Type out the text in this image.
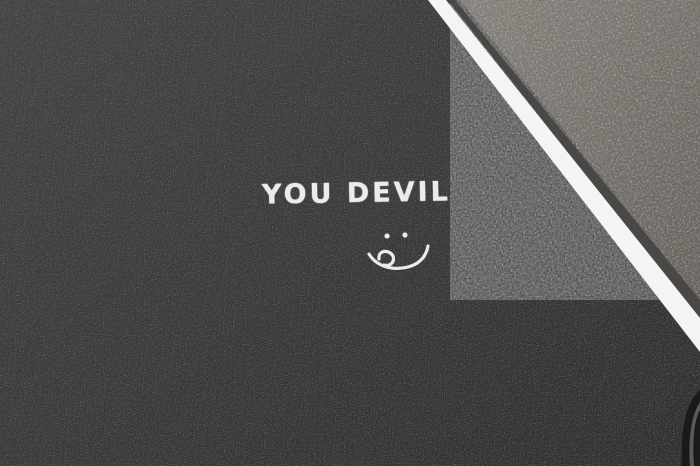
YOU DEVIL
